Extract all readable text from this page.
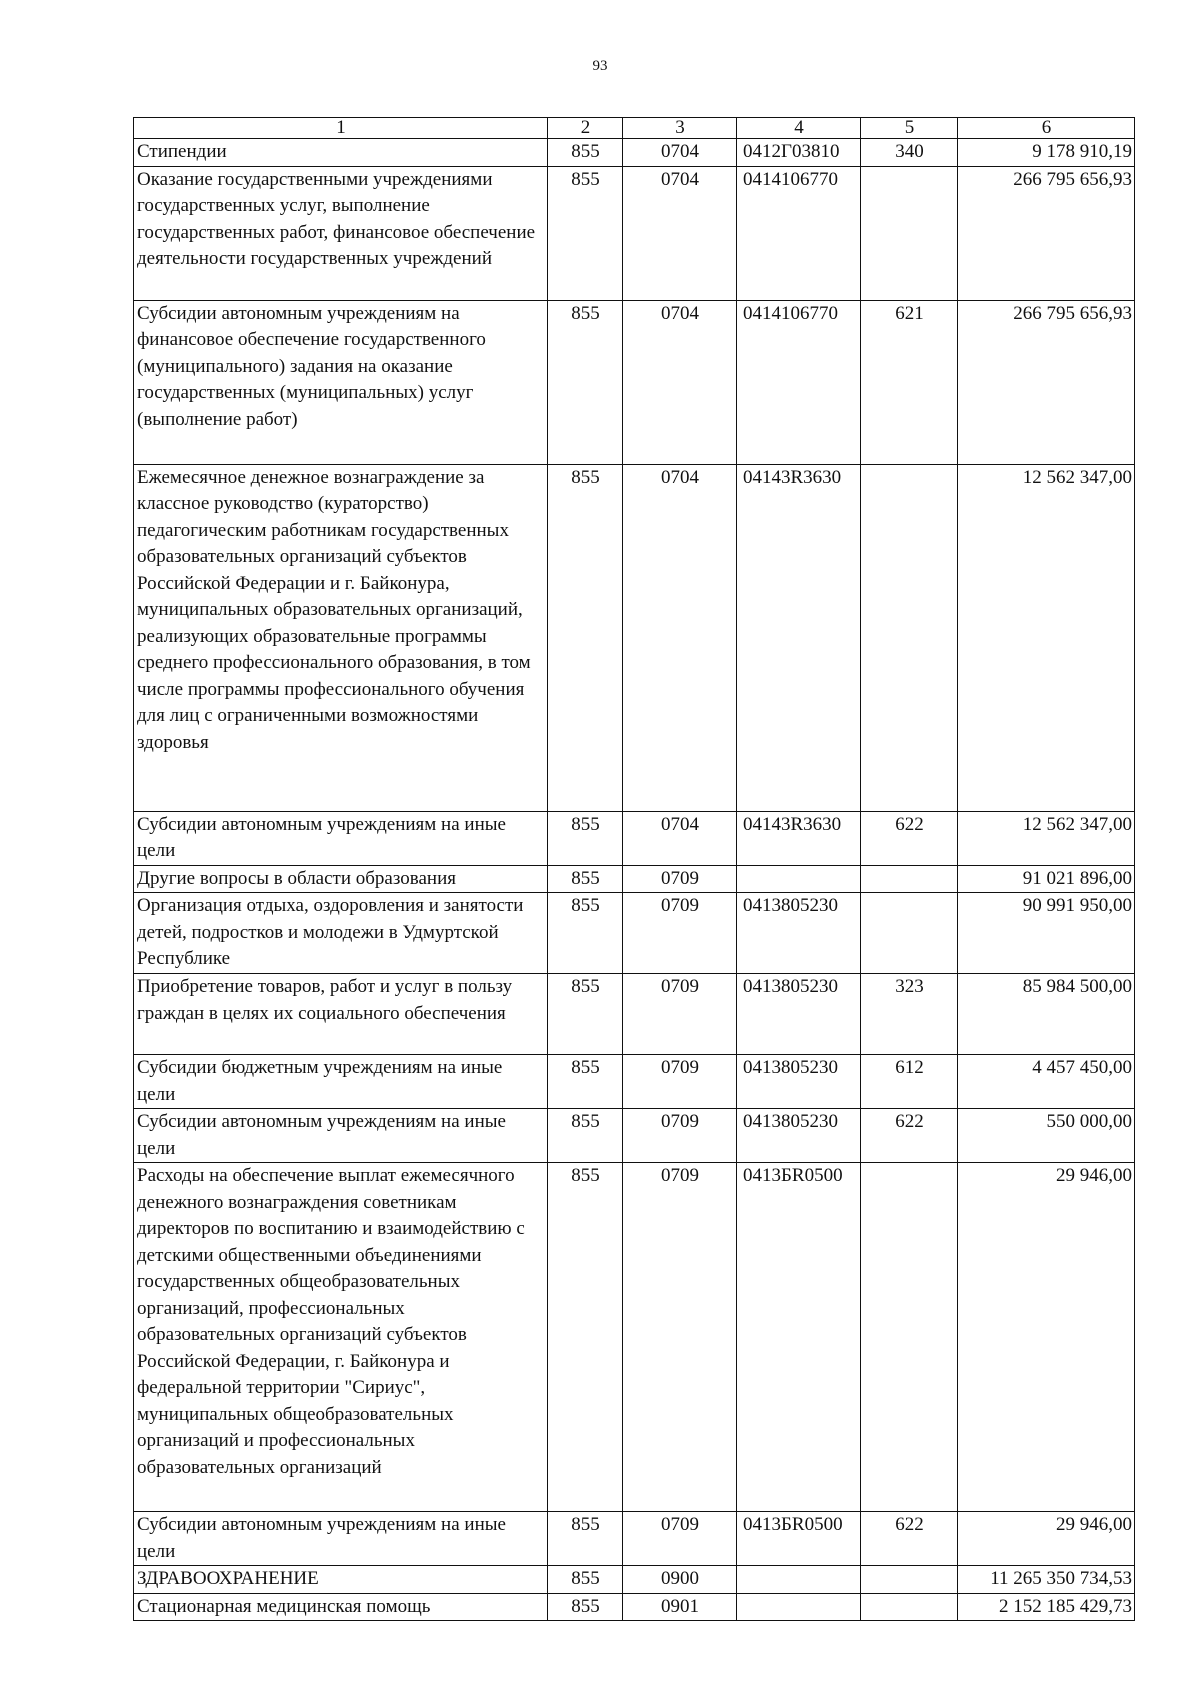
93
1	2	3	4	5	6
Стипендии	855	0704	0412Г03810	340	9 178 910,19
Оказание государственными учреждениями государственных услуг, выполнение государственных работ, финансовое обеспечение деятельности государственных учреждений	855	0704	0414106770		266 795 656,93
Субсидии автономным учреждениям на финансовое обеспечение государственного (муниципального) задания на оказание государственных (муниципальных) услуг (выполнение работ)	855	0704	0414106770	621	266 795 656,93
Ежемесячное денежное вознаграждение за классное руководство (кураторство) педагогическим работникам государственных образовательных организаций субъектов Российской Федерации и г. Байконура, муниципальных образовательных организаций, реализующих образовательные программы среднего профессионального образования, в том числе программы профессионального обучения для лиц с ограниченными возможностями здоровья	855	0704	04143R3630		12 562 347,00
Субсидии автономным учреждениям на иные цели	855	0704	04143R3630	622	12 562 347,00
Другие вопросы в области образования	855	0709			91 021 896,00
Организация отдыха, оздоровления и занятости детей, подростков и молодежи в Удмуртской Республике	855	0709	0413805230		90 991 950,00
Приобретение товаров, работ и услуг в пользу граждан в целях их социального обеспечения	855	0709	0413805230	323	85 984 500,00
Субсидии бюджетным учреждениям на иные цели	855	0709	0413805230	612	4 457 450,00
Субсидии автономным учреждениям на иные цели	855	0709	0413805230	622	550 000,00
Расходы на обеспечение выплат ежемесячного денежного вознаграждения советникам директоров по воспитанию и взаимодействию с детскими общественными объединениями государственных общеобразовательных организаций, профессиональных образовательных организаций субъектов Российской Федерации, г. Байконура и федеральной территории "Сириус", муниципальных общеобразовательных организаций и профессиональных образовательных организаций	855	0709	0413БR0500		29 946,00
Субсидии автономным учреждениям на иные цели	855	0709	0413БR0500	622	29 946,00
ЗДРАВООХРАНЕНИЕ	855	0900			11 265 350 734,53
Стационарная медицинская помощь	855	0901			2 152 185 429,73
